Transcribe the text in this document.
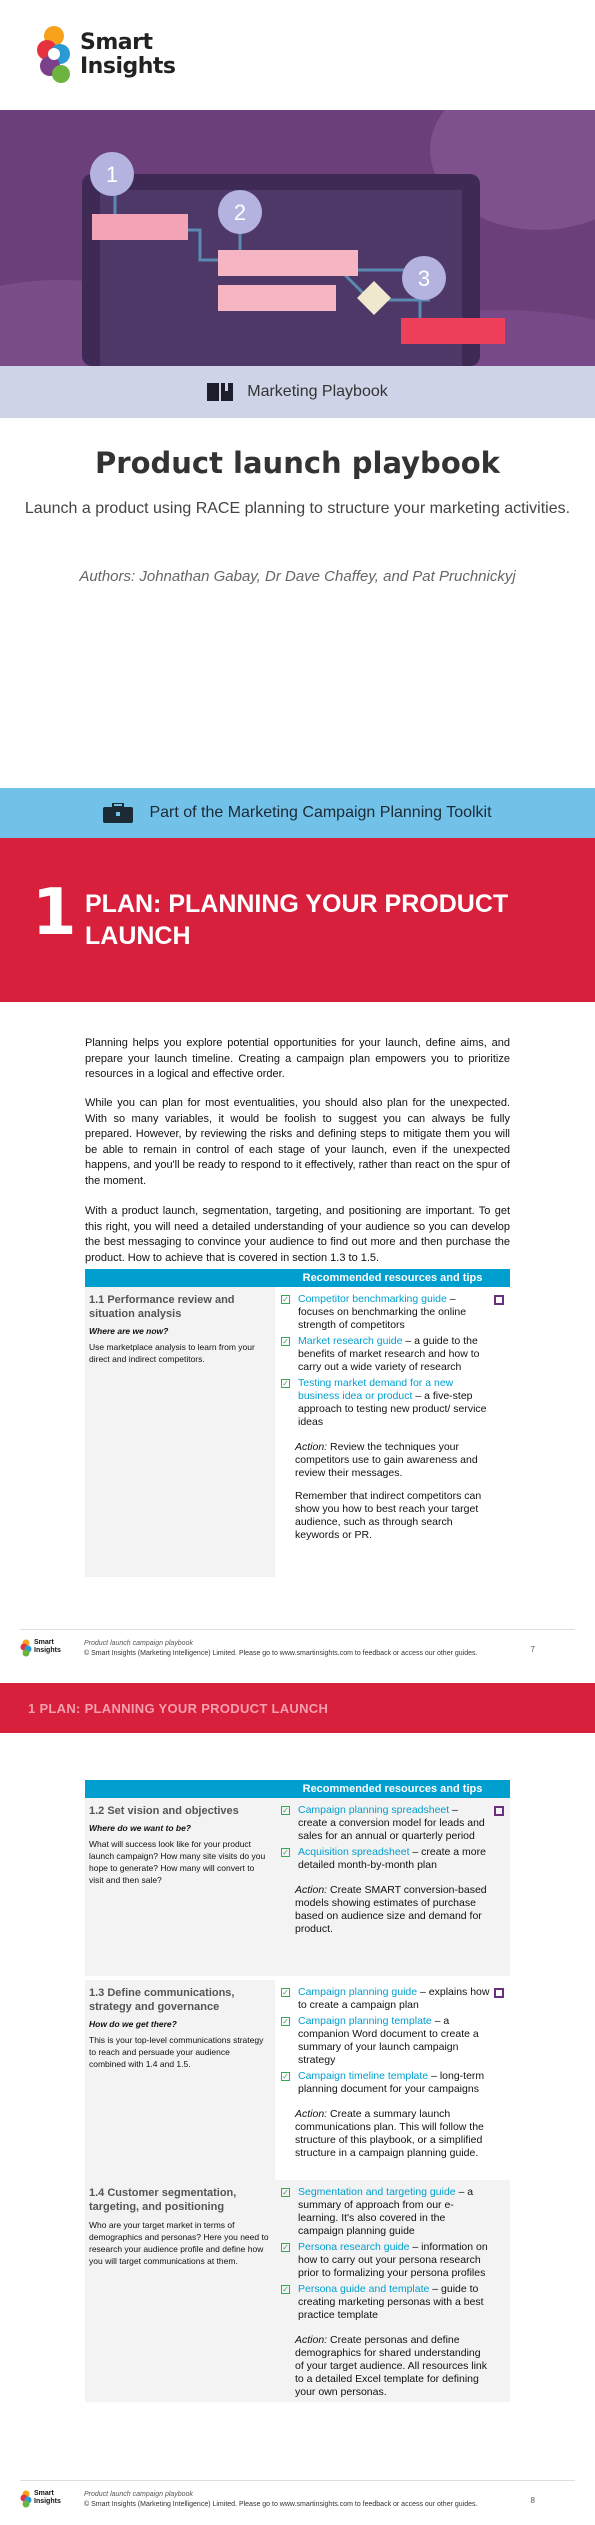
Smart
Insights
1
2
3
Marketing Playbook
Product launch playbook
Launch a product using RACE planning to structure your marketing activities.
Authors: Johnathan Gabay, Dr Dave Chaffey, and Pat Pruchnickyj
Part of the Marketing Campaign Planning Toolkit
1 PLAN: PLANNING YOUR PRODUCT LAUNCH

Planning helps you explore potential opportunities for your launch, define aims, and prepare your launch timeline. Creating a campaign plan empowers you to prioritize resources in a logical and effective order.

While you can plan for most eventualities, you should also plan for the unexpected. With so many variables, it would be foolish to suggest you can always be fully prepared. However, by reviewing the risks and defining steps to mitigate them you will be able to remain in control of each stage of your launch, even if the unexpected happens, and you'll be ready to respond to it effectively, rather than react on the spur of the moment.

With a product launch, segmentation, targeting, and positioning are important. To get this right, you will need a detailed understanding of your audience so you can develop the best messaging to convince your audience to find out more and then purchase the product. How to achieve that is covered in section 1.3 to 1.5.

Recommended resources and tips
1.1 Performance review and situation analysis
Where are we now?
Use marketplace analysis to learn from your direct and indirect competitors.
✓ Competitor benchmarking guide – focuses on benchmarking the online strength of competitors
✓ Market research guide – a guide to the benefits of market research and how to carry out a wide variety of research
✓ Testing market demand for a new business idea or product – a five-step approach to testing new product/ service ideas
Action: Review the techniques your competitors use to gain awareness and review their messages.
Remember that indirect competitors can show you how to best reach your target audience, such as through search keywords or PR.
Smart
Insights
Product launch campaign playbook
© Smart Insights (Marketing Intelligence) Limited. Please go to www.smartinsights.com to feedback or access our other guides.	7
1 PLAN: PLANNING YOUR PRODUCT LAUNCH
Recommended resources and tips
1.2 Set vision and objectives
Where do we want to be?
What will success look like for your product launch campaign? How many site visits do you hope to generate? How many will convert to visit and then sale?
✓ Campaign planning spreadsheet – create a conversion model for leads and sales for an annual or quarterly period
✓ Acquisition spreadsheet – create a more detailed month-by-month plan
Action: Create SMART conversion-based models showing estimates of purchase based on audience size and demand for product.
1.3 Define communications, strategy and governance
How do we get there?
This is your top-level communications strategy to reach and persuade your audience combined with 1.4 and 1.5.
✓ Campaign planning guide – explains how to create a campaign plan
✓ Campaign planning template – a companion Word document to create a summary of your launch campaign strategy
✓ Campaign timeline template – long-term planning document for your campaigns
Action: Create a summary launch communications plan. This will follow the structure of this playbook, or a simplified structure in a campaign planning guide.
1.4 Customer segmentation, targeting, and positioning
Who are your target market in terms of demographics and personas? Here you need to research your audience profile and define how you will target communications at them.
✓ Segmentation and targeting guide – a summary of approach from our e-learning. It's also covered in the campaign planning guide
✓ Persona research guide – information on how to carry out your persona research prior to formalizing your persona profiles
✓ Persona guide and template – guide to creating marketing personas with a best practice template
Action: Create personas and define demographics for shared understanding of your target audience. All resources link to a detailed Excel template for defining your own personas.
Smart
Insights
Product launch campaign playbook
© Smart Insights (Marketing Intelligence) Limited. Please go to www.smartinsights.com to feedback or access our other guides.	8
